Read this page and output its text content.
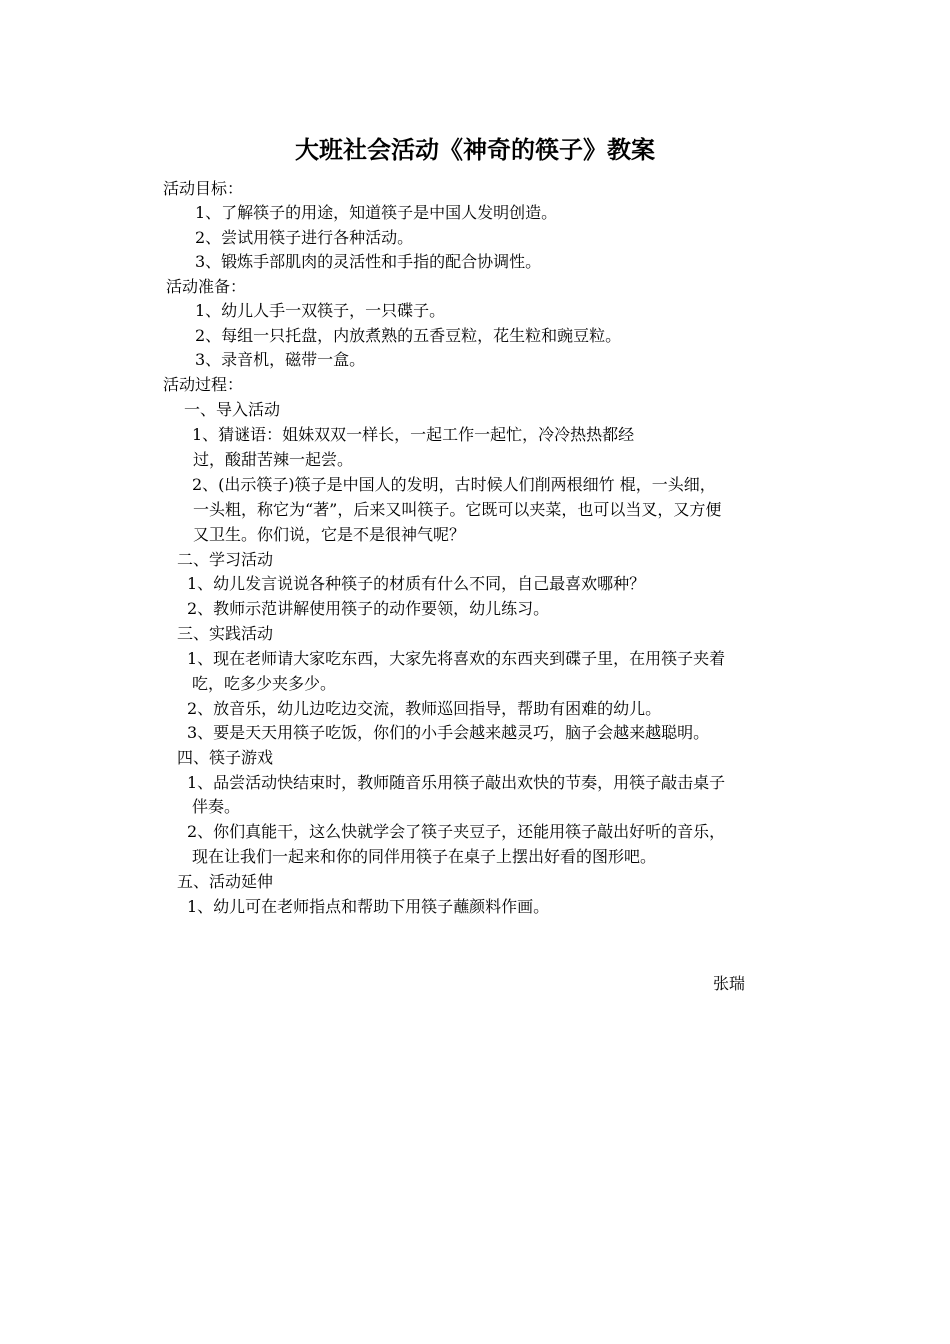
大班社会活动《神奇的筷子》教案
活动目标：
1、了解筷子的用途，知道筷子是中国人发明创造。
2、尝试用筷子进行各种活动。
3、锻炼手部肌肉的灵活性和手指的配合协调性。
活动准备：
1、幼儿人手一双筷子，一只碟子。
2、每组一只托盘，内放煮熟的五香豆粒，花生粒和豌豆粒。
3、录音机，磁带一盒。
活动过程：
一、导入活动
1、猜谜语：姐妹双双一样长，一起工作一起忙，冷冷热热都经
过，酸甜苦辣一起尝。
2、(出示筷子)筷子是中国人的发明，古时候人们削两根细竹 棍，一头细，
一头粗，称它为“著”，后来又叫筷子。它既可以夹菜，也可以当叉，又方便
又卫生。你们说，它是不是很神气呢？
二、学习活动
1、幼儿发言说说各种筷子的材质有什么不同，自己最喜欢哪种？
2、教师示范讲解使用筷子的动作要领，幼儿练习。
三、实践活动
1、现在老师请大家吃东西，大家先将喜欢的东西夹到碟子里，在用筷子夹着
吃，吃多少夹多少。
2、放音乐，幼儿边吃边交流，教师巡回指导，帮助有困难的幼儿。
3、要是天天用筷子吃饭，你们的小手会越来越灵巧，脑子会越来越聪明。
四、筷子游戏
1、品尝活动快结束时，教师随音乐用筷子敲出欢快的节奏，用筷子敲击桌子
伴奏。
2、你们真能干，这么快就学会了筷子夹豆子，还能用筷子敲出好听的音乐，
现在让我们一起来和你的同伴用筷子在桌子上摆出好看的图形吧。
五、活动延伸
1、幼儿可在老师指点和帮助下用筷子蘸颜料作画。
张瑞
